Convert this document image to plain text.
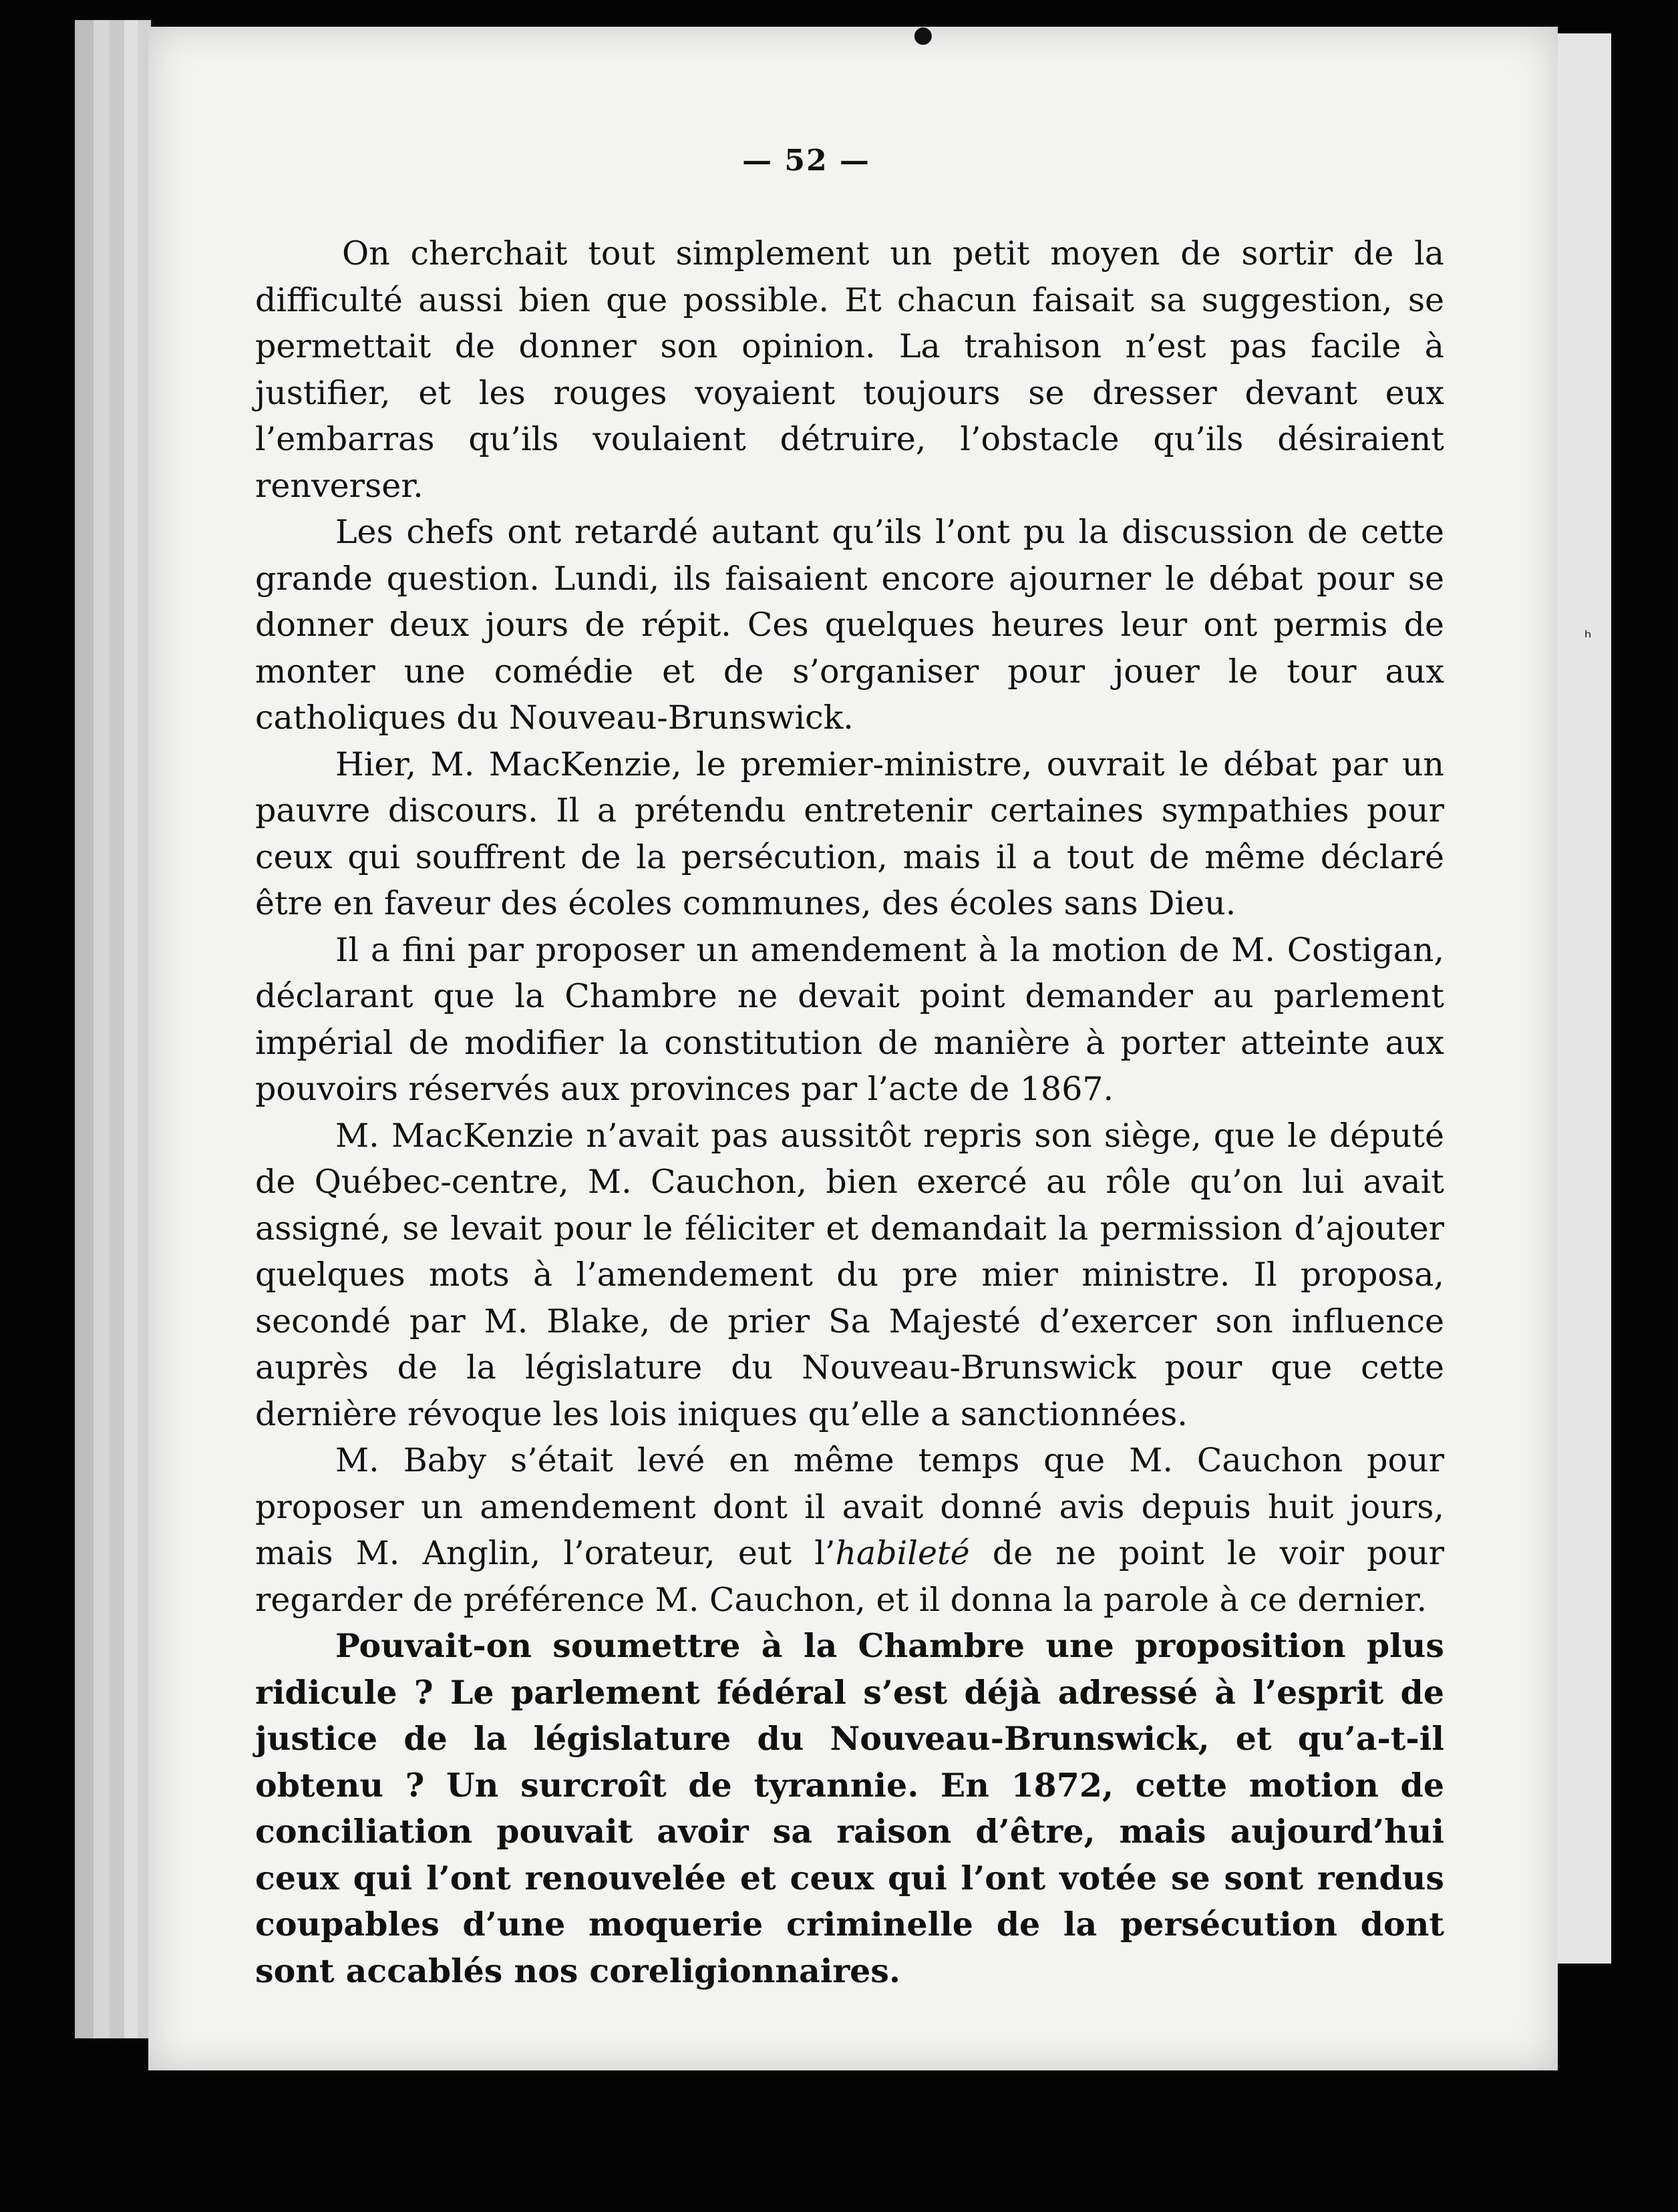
●
— 52 —

On cherchait tout simplement un petit moyen de sortir de la difficulté aussi bien que possible. Et chacun faisait sa suggestion, se permettait de donner son opinion. La trahison n’est pas facile à justifier, et les rouges voyaient toujours se dresser devant eux l’embarras qu’ils voulaient détruire, l’obstacle qu’ils désiraient renverser.

Les chefs ont retardé autant qu’ils l’ont pu la discussion de cette grande question. Lundi, ils faisaient encore ajourner le débat pour se donner deux jours de répit. Ces quelques heures leur ont permis de monter une comédie et de s’organiser pour jouer le tour aux catholiques du Nouveau-Brunswick.

Hier, M. MacKenzie, le premier-ministre, ouvrait le débat par un pauvre discours. Il a prétendu entretenir certaines sympathies pour ceux qui souffrent de la persécution, mais il a tout de même déclaré être en faveur des écoles communes, des écoles sans Dieu.

Il a fini par proposer un amendement à la motion de M. Costigan, déclarant que la Chambre ne devait point demander au parlement impérial de modifier la constitution de manière à porter atteinte aux pouvoirs réservés aux provinces par l’acte de 1867.

M. MacKenzie n’avait pas aussitôt repris son siège, que le député de Québec-centre, M. Cauchon, bien exercé au rôle qu’on lui avait assigné, se levait pour le féliciter et demandait la permission d’ajouter quelques mots à l’amendement du pre mier ministre. Il proposa, secondé par M. Blake, de prier Sa Majesté d’exercer son influence auprès de la législature du Nouveau-Brunswick pour que cette dernière révoque les lois iniques qu’elle a sanctionnées.

M. Baby s’était levé en même temps que M. Cauchon pour proposer un amendement dont il avait donné avis depuis huit jours, mais M. Anglin, l’orateur, eut l’habileté de ne point le voir pour regarder de préférence M. Cauchon, et il donna la parole à ce dernier.

Pouvait-on soumettre à la Chambre une proposition plus ridicule ? Le parlement fédéral s’est déjà adressé à l’esprit de justice de la législature du Nouveau-Brunswick, et qu’a-t-il obtenu ? Un surcroît de tyrannie. En 1872, cette motion de conciliation pouvait avoir sa raison d’être, mais aujourd’hui ceux qui l’ont renouvelée et ceux qui l’ont votée se sont rendus coupables d’une moquerie criminelle de la persécution dont sont accablés nos coreligionnaires.

ʰ
